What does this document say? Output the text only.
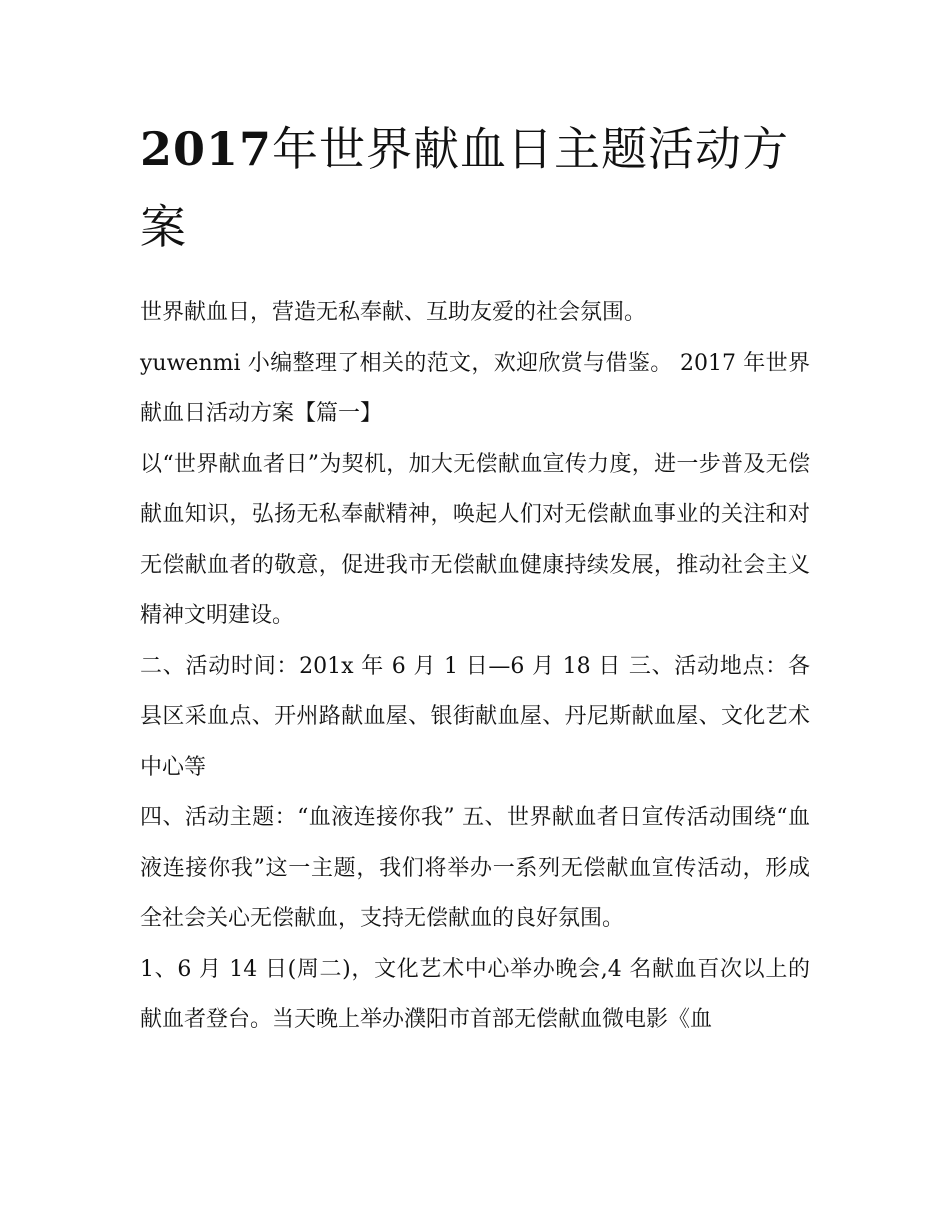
2017年世界献血日主题活动方案

世界献血日，营造无私奉献、互助友爱的社会氛围。

yuwenmi 小编整理了相关的范文，欢迎欣赏与借鉴。 2017 年世界献血日活动方案【篇一】

以“世界献血者日”为契机，加大无偿献血宣传力度，进一步普及无偿献血知识，弘扬无私奉献精神，唤起人们对无偿献血事业的关注和对无偿献血者的敬意，促进我市无偿献血健康持续发展，推动社会主义精神文明建设。

二、活动时间：201x 年 6 月 1 日—6 月 18 日 三、活动地点：各县区采血点、开州路献血屋、银街献血屋、丹尼斯献血屋、文化艺术中心等

四、活动主题：“血液连接你我” 五、世界献血者日宣传活动围绕“血液连接你我”这一主题，我们将举办一系列无偿献血宣传活动，形成全社会关心无偿献血，支持无偿献血的良好氛围。

1、6 月 14 日(周二)，文化艺术中心举办晚会,4 名献血百次以上的献血者登台。当天晚上举办濮阳市首部无偿献血微电影《血
